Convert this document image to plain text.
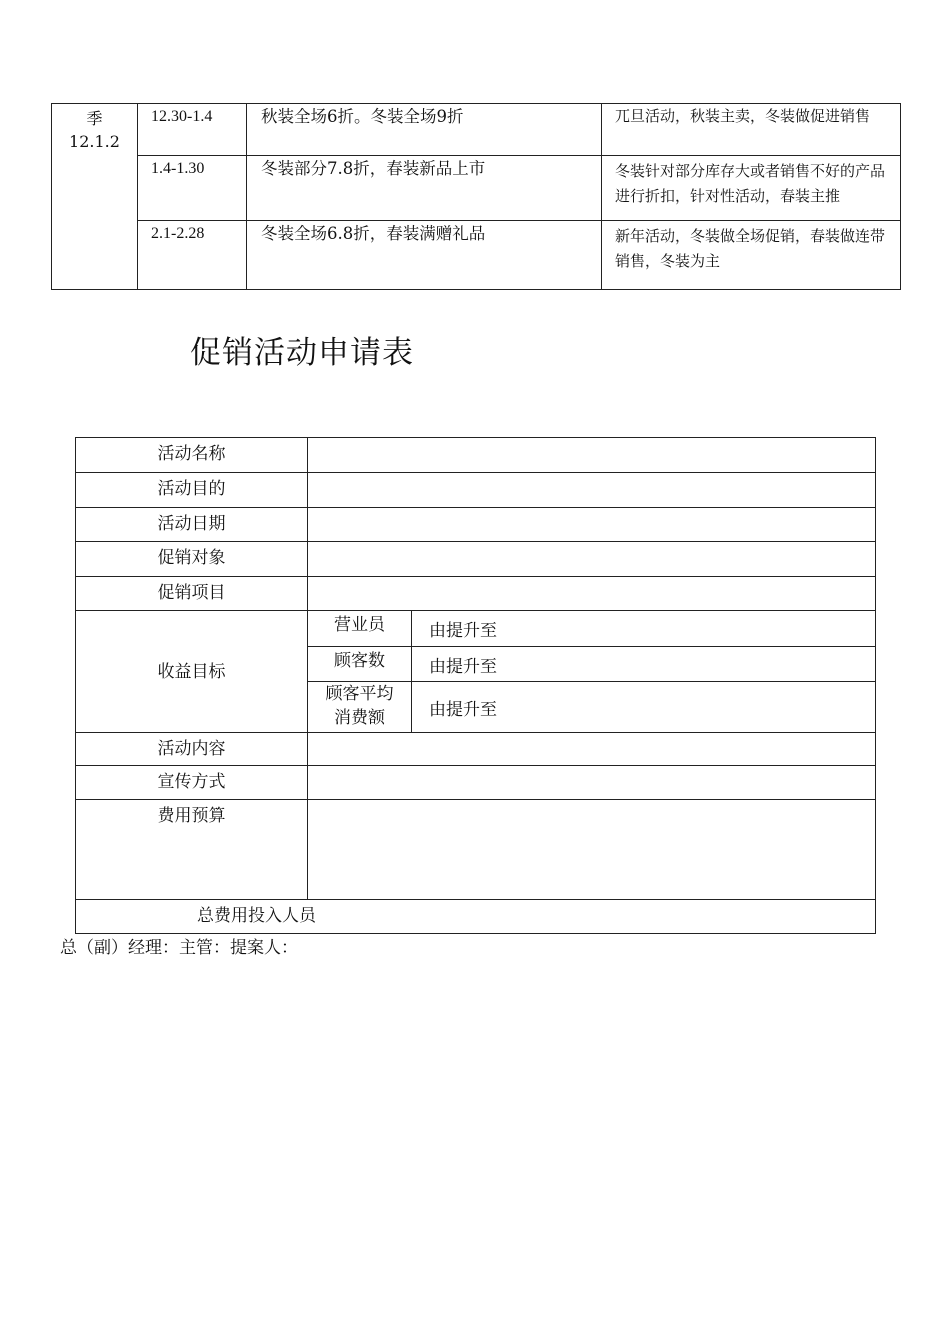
季
12.1.2	12.30-1.4	秋装全场6折。冬装全场9折	兀旦活动，秋装主卖，冬装做促进销售

	1.4-1.30	冬装部分7.8折，春装新品上市	冬装针对部分库存大或者销售不好的产品进行折扣，针对性活动，春装主推

	2.1-2.28	冬装全场6.8折，春装满赠礼品	新年活动，冬装做全场促销，春装做连带销售，冬装为主
促销活动申请表
活动名称		
活动目的		
活动日期		
促销对象		
促销项目		
收益目标	营业员	由提升至
	顾客数	由提升至
	顾客平均消费额	由提升至
活动内容		
宣传方式		
费用预算		
总费用投入人员		

总（副）经理：主管：提案人：
